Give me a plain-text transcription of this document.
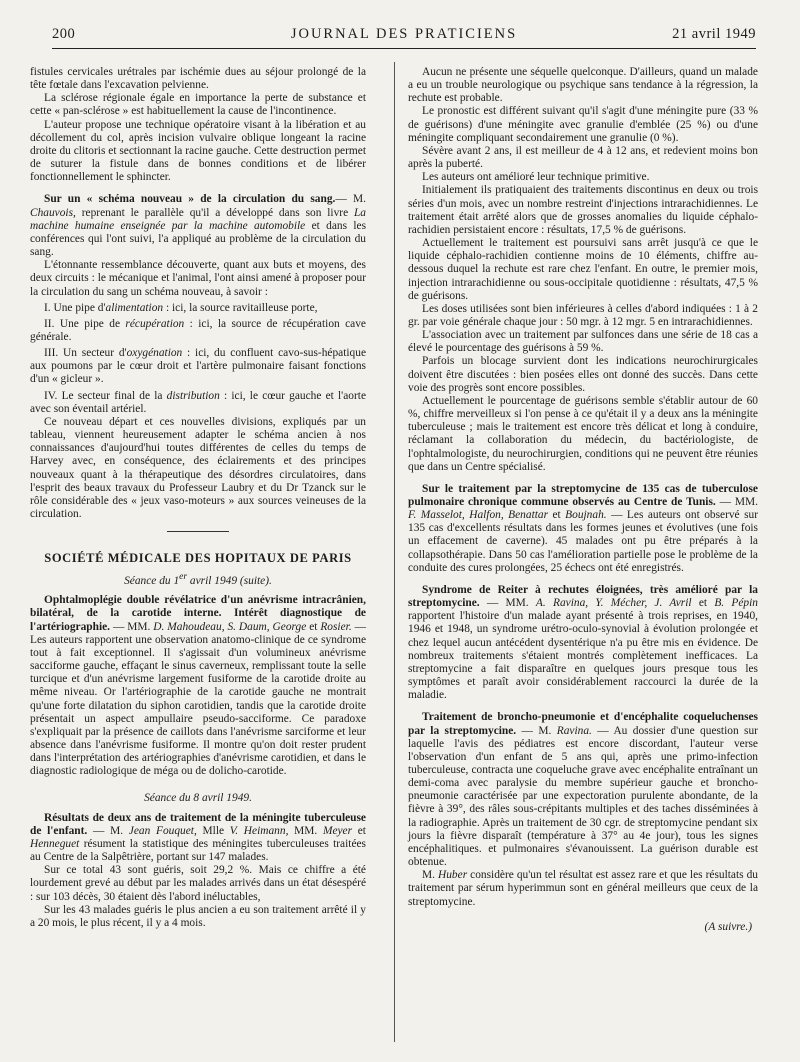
200	JOURNAL DES PRATICIENS	21 avril 1949

fistules cervicales urétrales par ischémie dues au séjour prolongé de la tête fœtale dans l'excavation pelvienne.

La sclérose régionale égale en importance la perte de substance et cette « pan-sclérose » est habituellement la cause de l'incontinence.

L'auteur propose une technique opératoire visant à la libération et au décollement du col, après incision vulvaire oblique longeant la racine droite du clitoris et sectionnant la racine gauche. Cette destruction permet de suturer la fistule dans de bonnes conditions et de libérer fonctionnellement le sphincter.

Sur un « schéma nouveau » de la circulation du sang.— M. Chauvois, reprenant le parallèle qu'il a développé dans son livre La machine humaine enseignée par la machine automobile et dans les conférences qui l'ont suivi, l'a appliqué au problème de la circulation du sang.

L'étonnante ressemblance découverte, quant aux buts et moyens, des deux circuits : le mécanique et l'animal, l'ont ainsi amené à proposer pour la circulation du sang un schéma nouveau, à savoir :

I. Une pipe d'alimentation : ici, la source ravitailleuse porte,

II. Une pipe de récupération : ici, la source de récupération cave générale.

III. Un secteur d'oxygénation : ici, du confluent cavo-sus-hépatique aux poumons par le cœur droit et l'artère pulmonaire faisant fonctions d'un « gicleur ».

IV. Le secteur final de la distribution : ici, le cœur gauche et l'aorte avec son éventail artériel.

Ce nouveau départ et ces nouvelles divisions, expliqués par un tableau, viennent heureusement adapter le schéma ancien à nos connaissances d'aujourd'hui toutes différentes de celles du temps de Harvey avec, en conséquence, des éclairements et des principes nouveaux quant à la thérapeutique des désordres circulatoires, dans l'esprit des beaux travaux du Professeur Laubry et du Dr Tzanck sur le rôle considérable des « jeux vaso-moteurs » aux sources veineuses de la circulation.

SOCIÉTÉ MÉDICALE DES HOPITAUX DE PARIS
Séance du 1er avril 1949 (suite).

Ophtalmoplégie double révélatrice d'un anévrisme intracrânien, bilatéral, de la carotide interne. Intérêt diagnostique de l'artériographie. — MM. D. Mahoudeau, S. Daum, George et Rosier. — Les auteurs rapportent une observation anatomo-clinique de ce syndrome tout à fait exceptionnel. Il s'agissait d'un volumineux anévrisme sacciforme gauche, effaçant le sinus caverneux, remplissant toute la selle turcique et d'un anévrisme largement fusiforme de la carotide droite au même niveau. Or l'artériographie de la carotide gauche ne montrait qu'une forte dilatation du siphon carotidien, tandis que la carotide droite présentait un aspect ampullaire pseudo-sacciforme. Ce paradoxe s'expliquait par la présence de caillots dans l'anévrisme sarciforme et leur absence dans l'anévrisme fusiforme. Il montre qu'on doit rester prudent dans l'interprétation des artériographies d'anévrisme carotidien, et dans le diagnostic radiologique de méga ou de dolicho-carotide.

Séance du 8 avril 1949.

Résultats de deux ans de traitement de la méningite tuberculeuse de l'enfant. — M. Jean Fouquet, Mlle V. Heimann, MM. Meyer et Henneguet résument la statistique des méningites tuberculeuses traitées au Centre de la Salpêtrière, portant sur 147 malades.

Sur ce total 43 sont guéris, soit 29,2 %. Mais ce chiffre a été lourdement grevé au début par les malades arrivés dans un état désespéré : sur 103 décès, 30 étaient dès l'abord inéluctables,

Sur les 43 malades guéris le plus ancien a eu son traitement arrêté il y a 20 mois, le plus récent, il y a 4 mois.

Aucun ne présente une séquelle quelconque. D'ailleurs, quand un malade a eu un trouble neurologique ou psychique sans tendance à la régression, la rechute est probable.

Le pronostic est différent suivant qu'il s'agit d'une méningite pure (33 % de guérisons) d'une méningite avec granulie d'emblée (25 %) ou d'une méningite compliquant secondairement une granulie (0 %).

Sévère avant 2 ans, il est meilleur de 4 à 12 ans, et redevient moins bon après la puberté.

Les auteurs ont amélioré leur technique primitive.

Initialement ils pratiquaient des traitements discontinus en deux ou trois séries d'un mois, avec un nombre restreint d'injections intrarachidiennes. Le traitement était arrêté alors que de grosses anomalies du liquide céphalo-rachidien persistaient encore : résultats, 17,5 % de guérisons.

Actuellement le traitement est poursuivi sans arrêt jusqu'à ce que le liquide céphalo-rachidien contienne moins de 10 éléments, chiffre au-dessous duquel la rechute est rare chez l'enfant. En outre, le premier mois, injection intrarachidienne ou sous-occipitale quotidienne : résultats, 47,5 % de guérisons.

Les doses utilisées sont bien inférieures à celles d'abord indiquées : 1 à 2 gr. par voie générale chaque jour : 50 mgr. à 12 mgr. 5 en intrarachidiennes.

L'association avec un traitement par sulfonces dans une série de 18 cas a élevé le pourcentage des guérisons à 59 %.

Parfois un blocage survient dont les indications neurochirurgicales doivent être discutées : bien posées elles ont donné des succès. Dans cette voie des progrès sont encore possibles.

Actuellement le pourcentage de guérisons semble s'établir autour de 60 %, chiffre merveilleux si l'on pense à ce qu'était il y a deux ans la méningite tuberculeuse ; mais le traitement est encore très délicat et long à conduire, réclamant la collaboration du médecin, du bactériologiste, de l'ophtalmologiste, du neurochirurgien, conditions qui ne peuvent être réunies que dans un Centre spécialisé.

Sur le traitement par la streptomycine de 135 cas de tuberculose pulmonaire chronique commune observés au Centre de Tunis. — MM. F. Masselot, Halfon, Benattar et Boujnah. — Les auteurs ont observé sur 135 cas d'excellents résultats dans les formes jeunes et évolutives (une fois un effacement de caverne). 45 malades ont pu être préparés à la collapsothérapie. Dans 50 cas l'amélioration partielle pose le problème de la conduite des cures prolongées, 25 échecs ont été enregistrés.

Syndrome de Reiter à rechutes éloignées, très amélioré par la streptomycine. — MM. A. Ravina, Y. Mécher, J. Avril et B. Pépin rapportent l'histoire d'un malade ayant présenté à trois reprises, en 1940, 1946 et 1948, un syndrome urétro-oculo-synovial à évolution prolongée et chez lequel aucun antécédent dysentérique n'a pu être mis en évidence. De nombreux traitements s'étaient montrés complètement inefficaces. La streptomycine a fait disparaître en quelques jours presque tous les symptômes et paraît avoir considérablement raccourci la durée de la maladie.

Traitement de broncho-pneumonie et d'encéphalite coqueluchenses par la streptomycine. — M. Ravina. — Au dossier d'une question sur laquelle l'avis des pédiatres est encore discordant, l'auteur verse l'observation d'un enfant de 5 ans qui, après une primo-infection tuberculeuse, contracta une coqueluche grave avec encéphalite entraînant un demi-coma avec paralysie du membre supérieur gauche et broncho-pneumonie caractérisée par une expectoration purulente abondante, de la fièvre à 39°, des râles sous-crépitants multiples et des taches disséminées à la radiographie. Après un traitement de 30 cgr. de streptomycine pendant six jours la fièvre disparaît (température à 37° au 4e jour), tous les signes encéphalitiques. et pulmonaires s'évanouissent. La guérison durable est obtenue.

M. Huber considère qu'un tel résultat est assez rare et que les résultats du traitement par sérum hyperimmun sont en général meilleurs que ceux de la streptomycine.

(A suivre.)
